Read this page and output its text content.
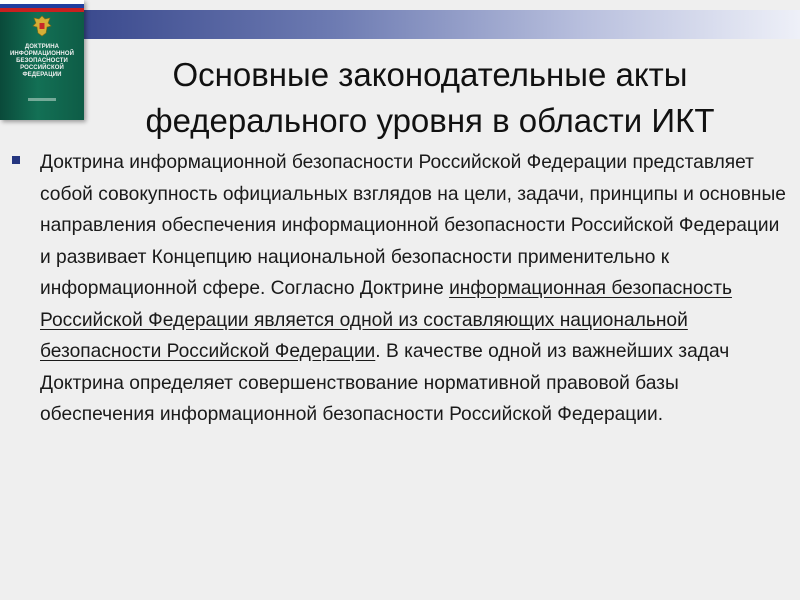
ДОКТРИНА
ИНФОРМАЦИОННОЙ
БЕЗОПАСНОСТИ
РОССИЙСКОЙ
ФЕДЕРАЦИИ	Основные законодательные акты
федерального уровня в области ИКТ

Доктрина информационной безопасности Российской Федерации представляет собой совокупность официальных взглядов на цели, задачи, принципы и основные направления обеспечения информационной безопасности Российской Федерации и развивает Концепцию национальной безопасности применительно к информационной сфере. Согласно Доктрине информационная безопасность Российской Федерации является одной из составляющих национальной безопасности Российской Федерации. В качестве одной из важнейших задач Доктрина определяет совершенствование нормативной правовой базы обеспечения информационной безопасности Российской Федерации.
